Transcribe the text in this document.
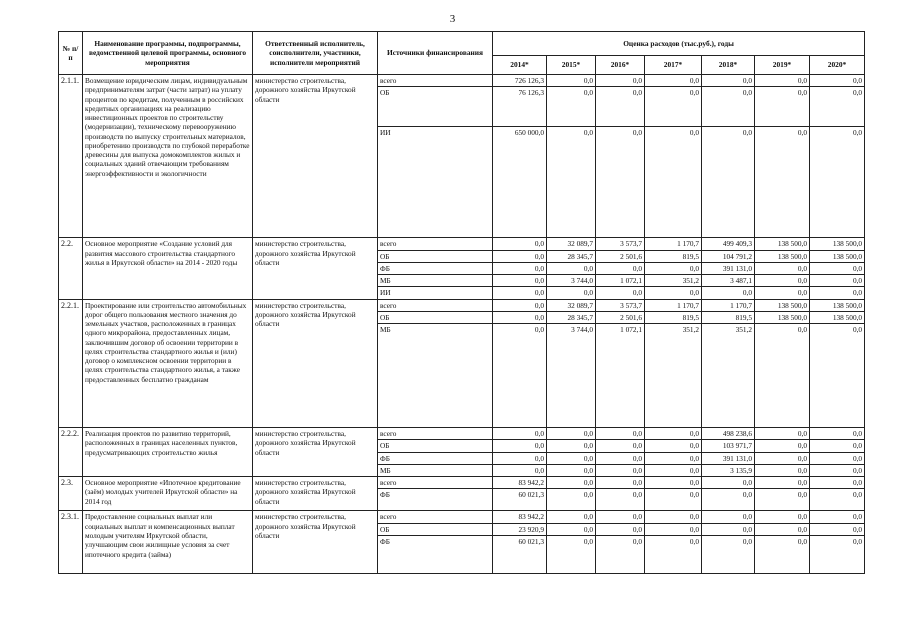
3
№ п/п	Наименование программы, подпрограммы, ведомственной целевой программы, основного мероприятия	Ответственный исполнитель, соисполнители, участники, исполнители мероприятий	Источники финансирования	Оценка расходов (тыс.руб.), годы						
				2014*	2015*	2016*	2017*	2018*	2019*	2020*
2.1.1.	Возмещение юридическим лицам, индивидуальным предпринимателям затрат (части затрат) на уплату процентов по кредитам, полученным в российских кредитных организациях на реализацию инвестиционных проектов по строительству (модернизации), техническому перевооружению производств по выпуску строительных материалов, приобретению производств по глубокой переработке древесины для выпуска домокомплектов жилых и социальных зданий отвечающим требованиям энергоэффективности и экологичности	министерство строительства, дорожного хозяйства Иркутской области	всего	726 126,3	0,0	0,0	0,0	0,0	0,0	0,0
			ОБ	76 126,3	0,0	0,0	0,0	0,0	0,0	0,0
			ИИ	650 000,0	0,0	0,0	0,0	0,0	0,0	0,0
2.2.	Основное мероприятие «Создание условий для развития массового строительства стандартного жилья в Иркутской области» на 2014 - 2020 годы	министерство строительства, дорожного хозяйства Иркутской области	всего	0,0	32 089,7	3 573,7	1 170,7	499 409,3	138 500,0	138 500,0
			ОБ	0,0	28 345,7	2 501,6	819,5	104 791,2	138 500,0	138 500,0
			ФБ	0,0	0,0	0,0	0,0	391 131,0	0,0	0,0
			МБ	0,0	3 744,0	1 072,1	351,2	3 487,1	0,0	0,0
			ИИ	0,0	0,0	0,0	0,0	0,0	0,0	0,0
2.2.1.	Проектирование или строительство автомобильных дорог общего пользования местного значения до земельных участков, расположенных в границах одного микрорайона, предоставленных лицам, заключившим договор об освоении территории в целях строительства стандартного жилья и (или) договор о комплексном освоении территории в целях строительства стандартного жилья, а также предоставленных бесплатно гражданам	министерство строительства, дорожного хозяйства Иркутской области	всего	0,0	32 089,7	3 573,7	1 170,7	1 170,7	138 500,0	138 500,0
			ОБ	0,0	28 345,7	2 501,6	819,5	819,5	138 500,0	138 500,0
			МБ	0,0	3 744,0	1 072,1	351,2	351,2	0,0	0,0
2.2.2.	Реализация проектов по развитию территорий, расположенных в границах населенных пунктов, предусматривающих строительство жилья	министерство строительства, дорожного хозяйства Иркутской области	всего	0,0	0,0	0,0	0,0	498 238,6	0,0	0,0
			ОБ	0,0	0,0	0,0	0,0	103 971,7	0,0	0,0
			ФБ	0,0	0,0	0,0	0,0	391 131,0	0,0	0,0
			МБ	0,0	0,0	0,0	0,0	3 135,9	0,0	0,0
2.3.	Основное мероприятие «Ипотечное кредитование (заём) молодых учителей Иркутской области» на 2014 год	министерство строительства, дорожного хозяйства Иркутской области	всего	83 942,2	0,0	0,0	0,0	0,0	0,0	0,0
			ФБ	60 021,3	0,0	0,0	0,0	0,0	0,0	0,0
2.3.1.	Предоставление социальных выплат или социальных выплат и компенсационных выплат молодым учителям Иркутской области, улучшающим свои жилищные условия за счет ипотечного кредита (займа)	министерство строительства, дорожного хозяйства Иркутской области	всего	83 942,2	0,0	0,0	0,0	0,0	0,0	0,0
			ОБ	23 920,9	0,0	0,0	0,0	0,0	0,0	0,0
			ФБ	60 021,3	0,0	0,0	0,0	0,0	0,0	0,0
